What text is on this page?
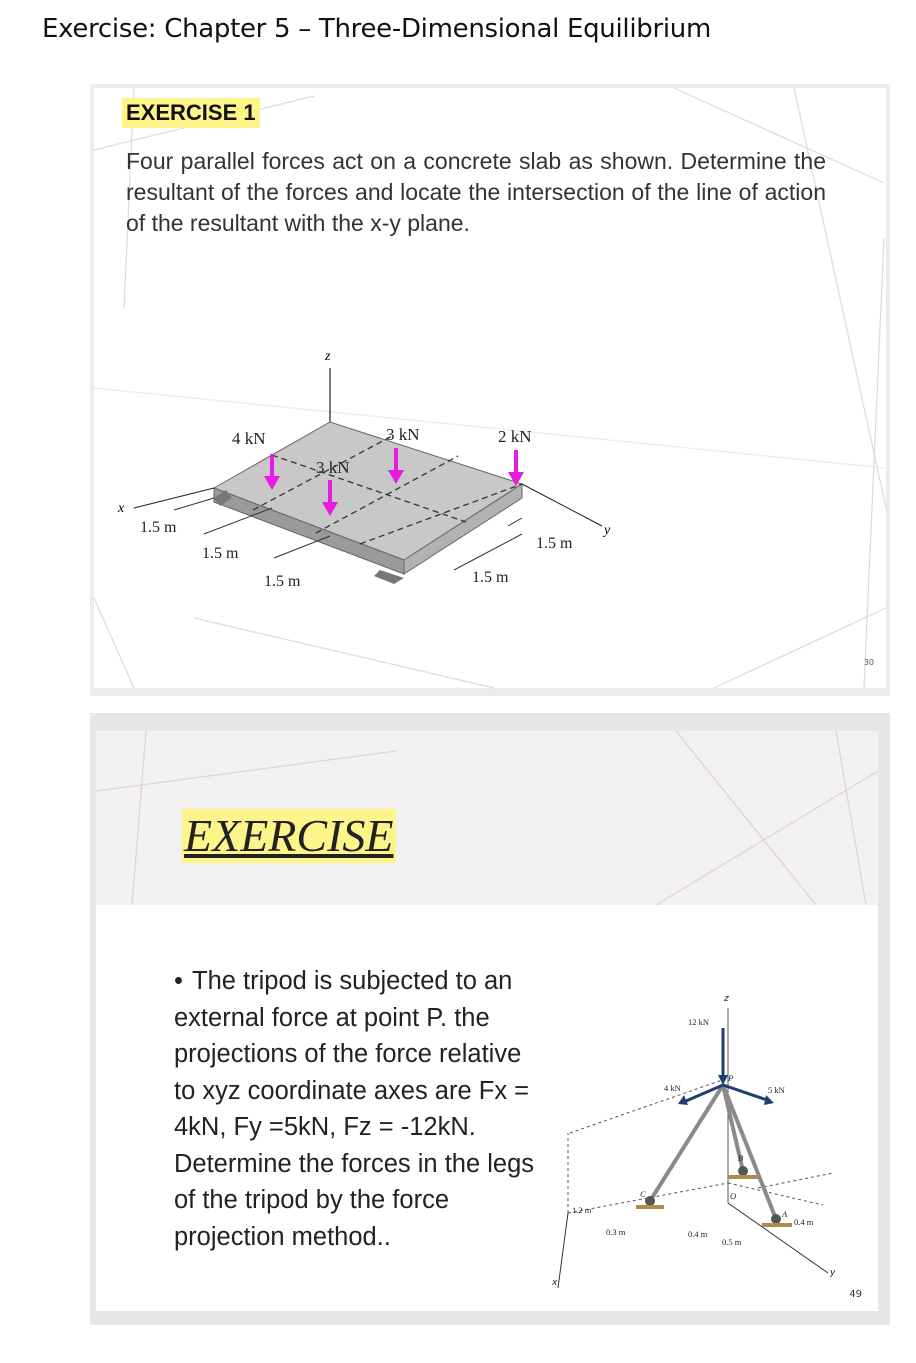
Exercise: Chapter 5 – Three-Dimensional Equilibrium
EXERCISE 1
Four parallel forces act on a concrete slab as shown. Determine the resultant of the forces and locate the intersection of the line of action of the resultant with the x-y plane.
z
x
y
4 kN	3 kN
3 kN
2 kN
1.5 m
1.5 m
1.5 m	1.5 m
1.5 m
30
EXERCISE
• The tripod is subjected to an
external force at point P. the
projections of the force relative
to xyz coordinate axes are Fx =
4kN, Fy =5kN, Fz = -12kN.
Determine the forces in the legs
of the tripod by the force
projection method..
z
x
y
12 kN
4 kN	5 kN
P
A
B
C	O
1.2 m
0.3 m	0.4 m
0.5 m
0.4 m
49
